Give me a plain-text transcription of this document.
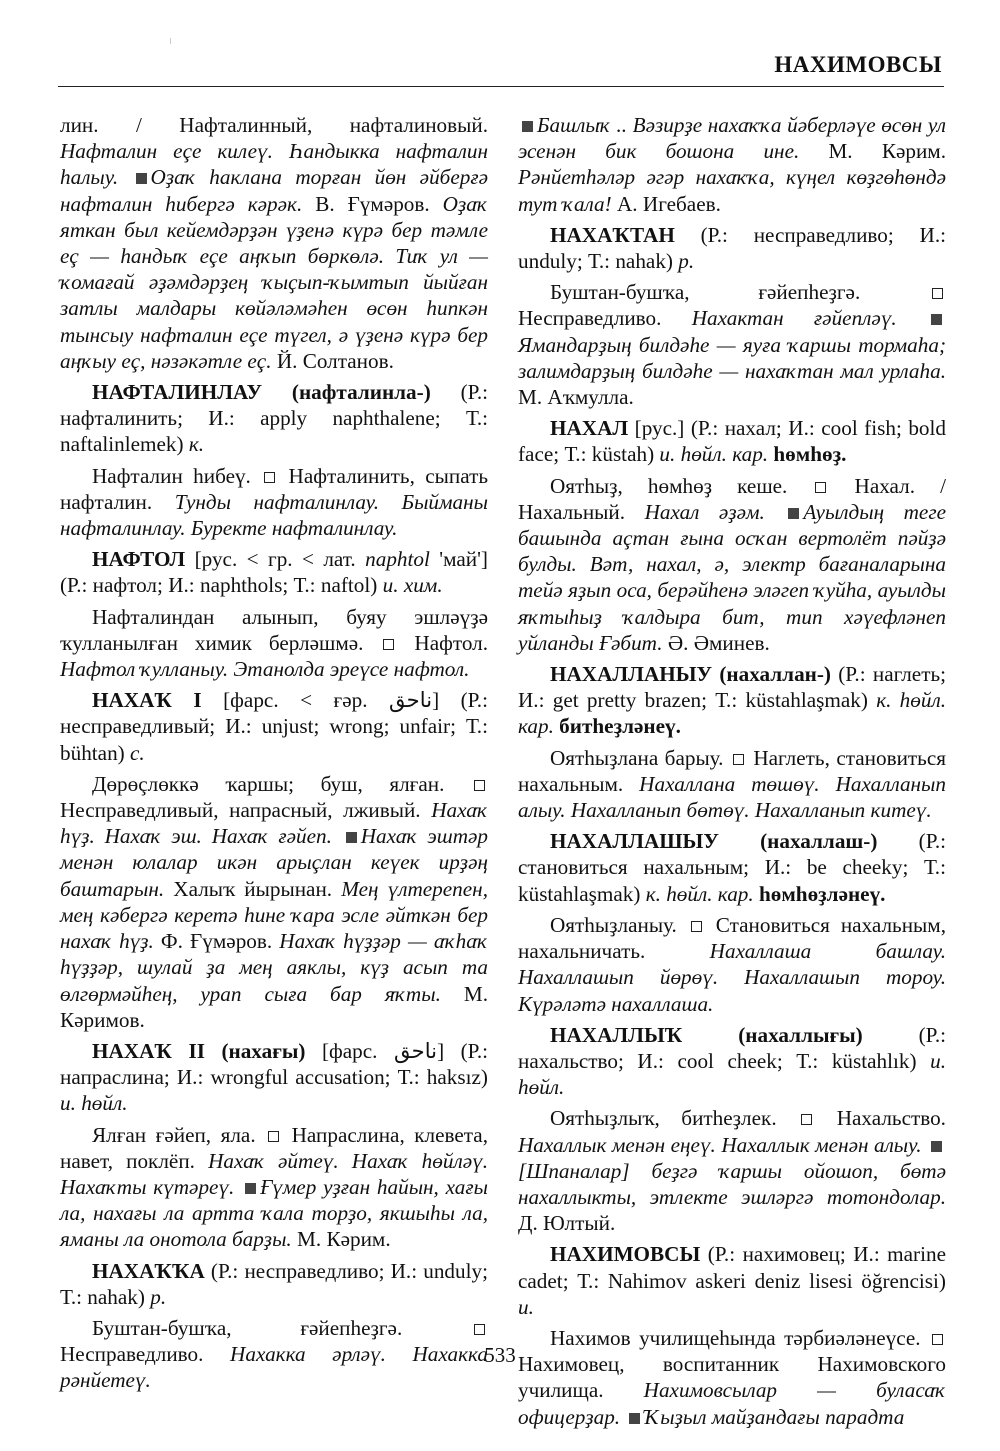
НАХИМОВСЫ

лин. / Нафталинный, нафталиновый. Нафталин еçе килеү. Һандыкка нафталин һалыу. Оҙаҡ һаклана торған йөн әйберғә нафталин һибергә кәрәк. В. Ғүмәров. Оҙаҡ яткан был кейемдәрҙән үҙенә күрә бер тәмле еç — һандыҡ еçе аңҡып бөркөлә. Тиҡ ул — ҡомағай әҙәмдәрҙең ҡыҫып-ҡымтып йыйған затлы малдары көйәләмәһен өсөн һипкән тынсыу нафталин еçе түгел, ә үҙенә күрә бер аңҡыу еç, нәзәкәтле еç. Й. Солтанов.

НАФТАЛИНЛАУ (нафталинла-) (Р.: нафталинить; И.: apply naphthalene; Т.: naftalinlemek) к.

Нафталин һибеү.  Нафталинить, сыпать нафталин. Тунды нафталинлау. Быйманы нафталинлау. Буректе нафталинлау.

НАФТОЛ [рус. < гр. < лат. naphtol 'май'] (Р.: нафтол; И.: naphthols; Т.: naftol) и. хим.

Нафталиндан алынып, буяу эшләүҙә ҡулланылған химик берләшмә.  Нафтол. Нафтол ҡулланыу. Этанолда эреүсе нафтол.

НАХАҠ I [фарс. < ғәр. ناحق] (Р.: несправедливый; И.: unjust; wrong; unfair; Т.: bühtan) с.

Дөрөçлөккә ҡаршы; буш, ялған.  Несправедливый, напрасный, лживый. Нахаҡ һүҙ. Нахаҡ эш. Нахаҡ ғәйеп. Нахаҡ эштәр менән юлалар икән арыçлан кеүек ирҙәң баштарын. Халыҡ йырынан. Мең үлтерепен, мең кәбергә керетә һине ҡара эсле әйткән бер нахаҡ һүҙ. Ф. Ғүмәров. Нахаҡ һүҙҙәр — аҡһаҡ һүҙҙәр, шулай ҙа мең аяклы, күҙ асып та өлгөрмәйһең, урап сыға бар яҡты. М. Кәримов.

НАХАҠ II (нахағы) [фарс. ناحق] (Р.: напраслина; И.: wrongful accusation; Т.: haksız) и. һөйл.

Ялған ғәйеп, яла.  Напраслина, клевета, навет, поклёп. Нахаҡ әйтеү. Нахаҡ һөйләү. Нахаҡты күтәреү. Ғүмер уҙған һайын, хағы ла, нахағы ла артта ҡала торҙо, якшыһы ла, яманы ла онотола барҙы. М. Кәрим.

НАХАҠҠА (Р.: несправедливо; И.: unduly; Т.: nahak) р.

Буштан-бушҡа, ғәйепһеҙгә.  Несправедливо. Нахакка әрләү. Нахакка рәнйетеү.

Башлыҡ .. Вәзирҙе нахаҡҡа йәберләүе өсөн ул эсенән бик бошона ине. М. Кәрим. Рәнйетһәләр әгәр нахаҡҡа, күңел көҙгөһөндә тут ҡала! А. Игебаев.

НАХАҠТАН (Р.: несправедливо; И.: unduly; Т.: nahak) р.

Буштан-бушҡа, ғәйепһеҙгә.  Несправедливо. Нахактан ғәйепләү. Ямандарҙың билдәһе — яуға ҡаршы тормаһа; залимдарҙың билдәһе — нахаҡтан мал урлаһа. М. Аҡмулла.

НАХАЛ [рус.] (Р.: нахал; И.: cool fish; bold face; Т.: küstah) и. һөйл. кар. һөмһөҙ.

Оятһыҙ, һөмһөҙ кеше.  Нахал. / Нахальный. Нахал әҙәм. Ауылдың теге башында аçтан ғына осҡан вертолёт пәйҙә булды. Вәт, нахал, ә, электр бағаналарына тейә яҙып оса, берәйһенә эләгеп ҡуйһа, ауылды яҡтыһыҙ ҡалдыра бит, тип хәүефләнеп уйланды Ғәбит. Ә. Әминев.

НАХАЛЛАНЫУ (нахаллан-) (Р.: наглеть; И.: get pretty brazen; Т.: küstahlaşmak) к. һөйл. кар. битһеҙләнеү.

Оятһыҙлана барыу.  Наглеть, становиться нахальным. Нахаллана төшөү. Нахалланып алыу. Нахалланып бөтөү. Нахалланып китеү.

НАХАЛЛАШЫУ (нахаллаш-) (Р.: становиться нахальным; И.: be cheeky; Т.: küstahlaşmak) к. һөйл. кар. һөмһөҙләнеү.

Оятһыҙланыу.  Становиться нахальным, нахальничать. Нахаллаша башлау. Нахаллашып йөрөү. Нахаллашып тороу. Күрәләтә нахаллаша.

НАХАЛЛЫҠ (нахаллығы) (Р.: нахальство; И.: cool cheek; Т.: küstahlık) и. һөйл.

Оятһыҙлыҡ, битһеҙлек.  Нахальство. Нахаллык менән еңеү. Нахаллык менән алыу. [Шпаналар] беҙгә ҡаршы ойошоп, бөтә нахаллыкты, этлекте эшләргә тотондолар. Д. Юлтый.

НАХИМОВСЫ (Р.: нахимовец; И.: marine cadet; Т.: Nahimov askeri deniz lisesi öğrencisi) и.

Нахимов училищеһында тәрбиәләнеүсе.  Нахимовец, воспитанник Нахимовского училища. Нахимовсылар — буласаҡ офицерҙар. Ҡыҙыл майҙандағы парадта

533
